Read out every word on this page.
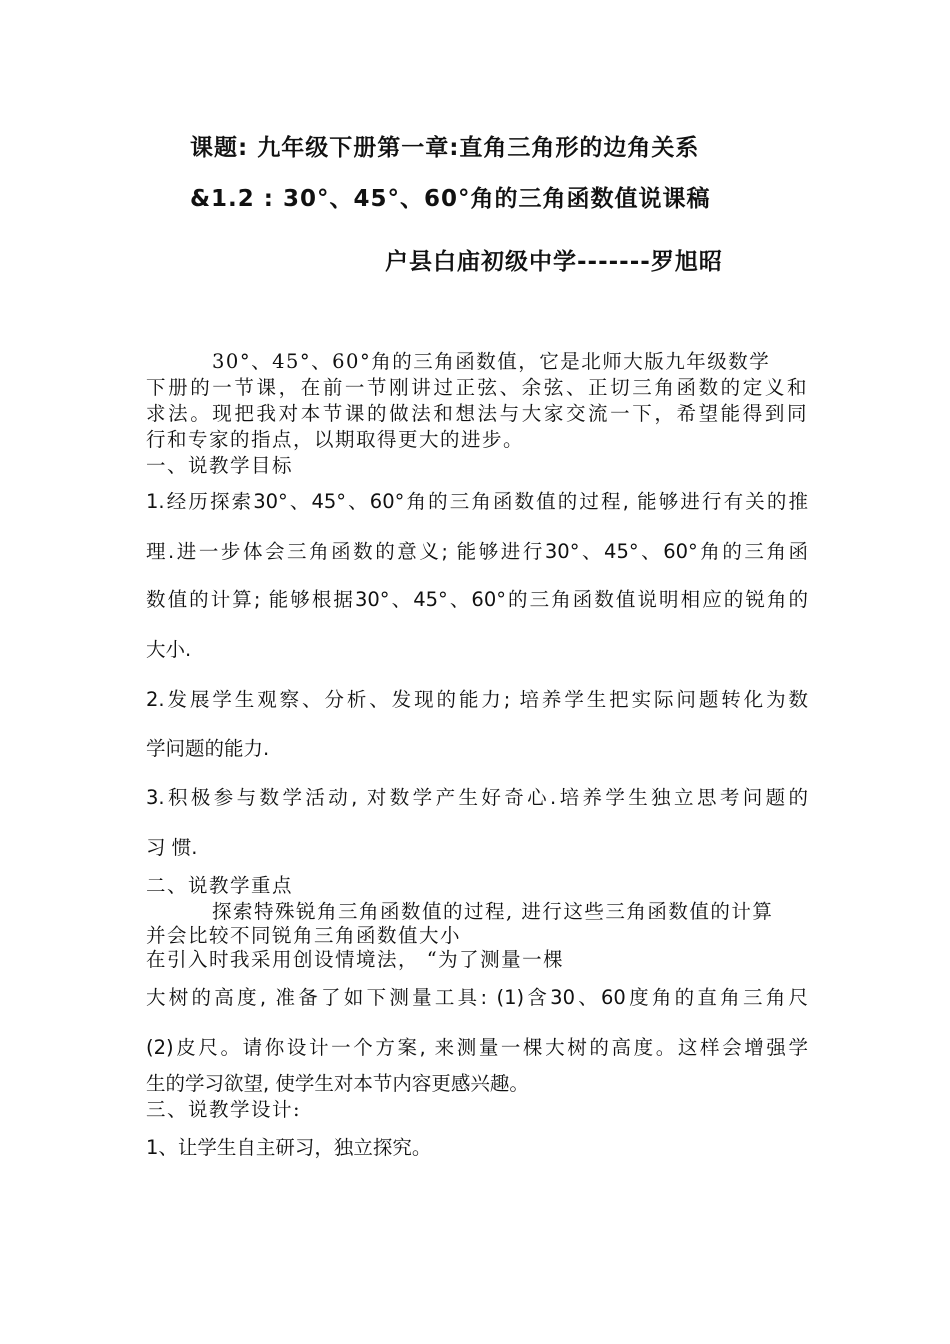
课题: 九年级下册第一章:直角三角形的边角关系
&1.2 : 30°、45°、60°角的三角函数值说课稿
户县白庙初级中学-------罗旭昭
30°、45°、60°角的三角函数值，它是北师大版九年级数学
下册的一节课，在前一节刚讲过正弦、余弦、正切三角函数的定义和
求法。现把我对本节课的做法和想法与大家交流一下，希望能得到同
行和专家的指点，以期取得更大的进步。
一、说教学目标
1.经历探索30°、45°、60°角的三角函数值的过程, 能够进行有关的推
理.进一步体会三角函数的意义; 能够进行30°、45°、60°角的三角函
数值的计算; 能够根据30°、45°、60°的三角函数值说明相应的锐角的
大小.
2.发展学生观察、分析、发现的能力; 培养学生把实际问题转化为数
学问题的能力.
3.积极参与数学活动, 对数学产生好奇心.培养学生独立思考问题的
习 惯.
二、说教学重点
探索特殊锐角三角函数值的过程, 进行这些三角函数值的计算
并会比较不同锐角三角函数值大小
在引入时我采用创设情境法， “为了测量一棵
大树的高度, 准备了如下测量工具: (1)含30、60度角的直角三角尺
(2)皮尺。请你设计一个方案, 来测量一棵大树的高度。这样会增强学
生的学习欲望, 使学生对本节内容更感兴趣。
三、说教学设计:
1、让学生自主研习，独立探究。
